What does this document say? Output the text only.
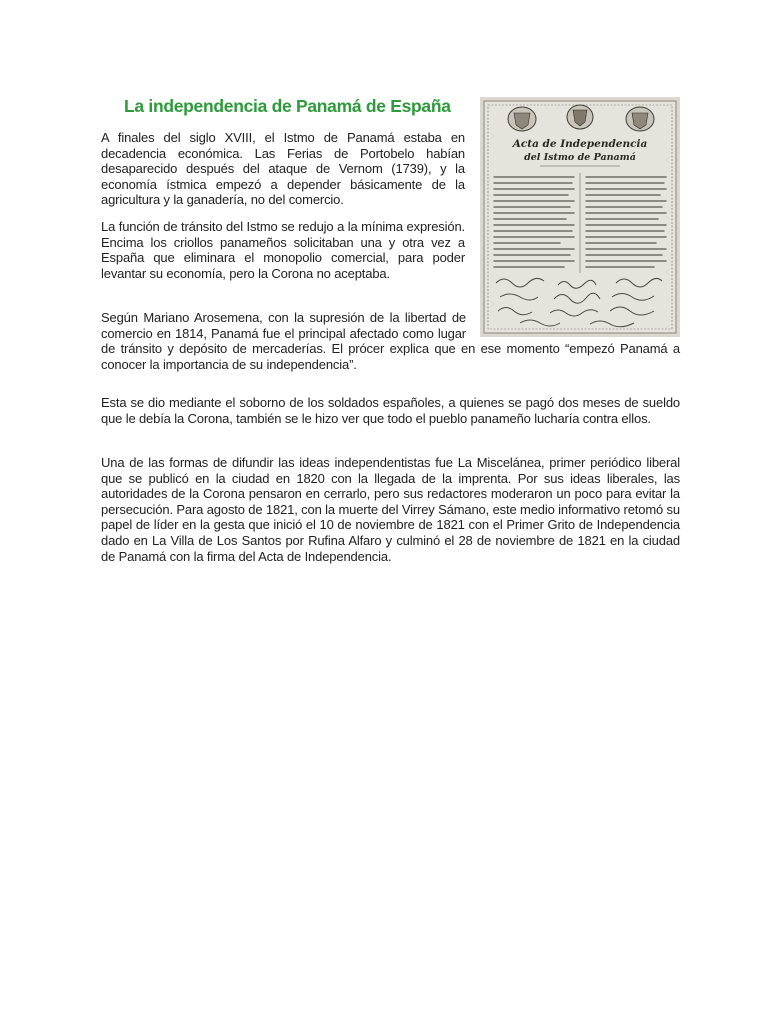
La independencia de Panamá de España
Acta de Independencia
del Istmo de Panamá

A finales del siglo XVIII, el Istmo de Panamá estaba en decadencia económica. Las Ferias de Portobelo habían desaparecido después del ataque de Vernom (1739), y la economía ístmica empezó a depender básicamente de la agricultura y la ganadería, no del comercio.

La función de tránsito del Istmo se redujo a la mínima expresión. Encima los criollos panameños solicitaban una y otra vez a España que eliminara el monopolio comercial, para poder levantar su economía, pero la Corona no aceptaba.

Según Mariano Arosemena, con la supresión de la libertad de comercio en 1814, Panamá fue el principal afectado como lugar de tránsito y depósito de mercaderías. El prócer explica que en ese momento “empezó Panamá a conocer la importancia de su independencia”.

Esta se dio mediante el soborno de los soldados españoles, a quienes se pagó dos meses de sueldo que le debía la Corona, también se le hizo ver que todo el pueblo panameño lucharía contra ellos.

Una de las formas de difundir las ideas independentistas fue La Miscelánea, primer periódico liberal que se publicó en la ciudad en 1820 con la llegada de la imprenta. Por sus ideas liberales, las autoridades de la Corona pensaron en cerrarlo, pero sus redactores moderaron un poco para evitar la persecución. Para agosto de 1821, con la muerte del Virrey Sámano, este medio informativo retomó su papel de líder en la gesta que inició el 10 de noviembre de 1821 con el Primer Grito de Independencia dado en La Villa de Los Santos por Rufina Alfaro y culminó el 28 de noviembre de 1821 en la ciudad de Panamá con la firma del Acta de Independencia.
